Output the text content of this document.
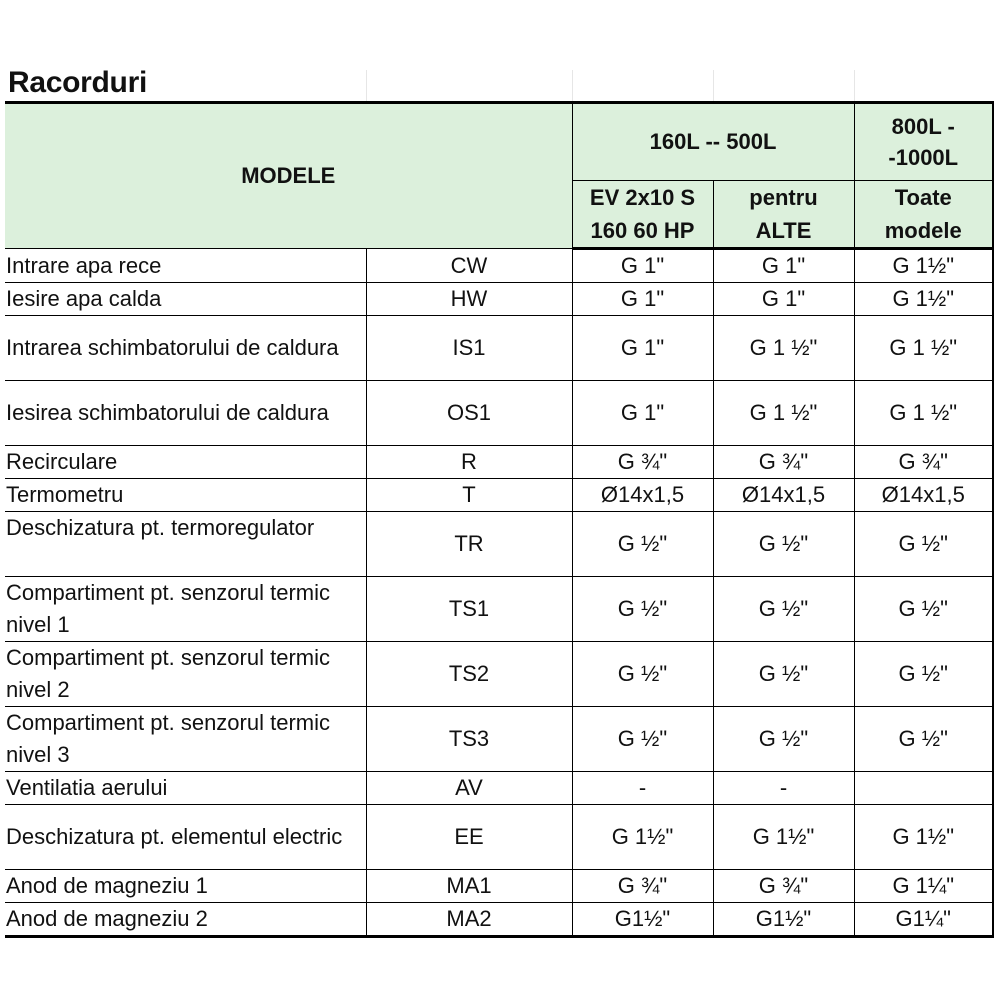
Racorduri
MODELE		160L -- 500L		800L - -1000L
		EV 2x10 S 160 60 HP	pentru ALTE	Toate modele
Intrare apa rece	CW	G 1"	G 1"	G 1½"
Iesire apa calda	HW	G 1"	G 1"	G 1½"
Intrarea schimbatorului de caldura	IS1	G 1"	G 1 ½"	G 1 ½"
Iesirea schimbatorului de caldura	OS1	G 1"	G 1 ½"	G 1 ½"
Recirculare	R	G ¾"	G ¾"	G ¾"
Termometru	T	Ø14x1,5	Ø14x1,5	Ø14x1,5
Deschizatura pt. termoregulator	TR	G ½"	G ½"	G ½"
Compartiment pt. senzorul termic nivel 1	TS1	G ½"	G ½"	G ½"
Compartiment pt. senzorul termic nivel 2	TS2	G ½"	G ½"	G ½"
Compartiment pt. senzorul termic nivel 3	TS3	G ½"	G ½"	G ½"
Ventilatia aerului	AV	-	-	
Deschizatura pt. elementul electric	EE	G 1½"	G 1½"	G 1½"
Anod de magneziu 1	MA1	G ¾"	G ¾"	G 1¼"
Anod de magneziu 2	MA2	G1½"	G1½"	G1¼"
